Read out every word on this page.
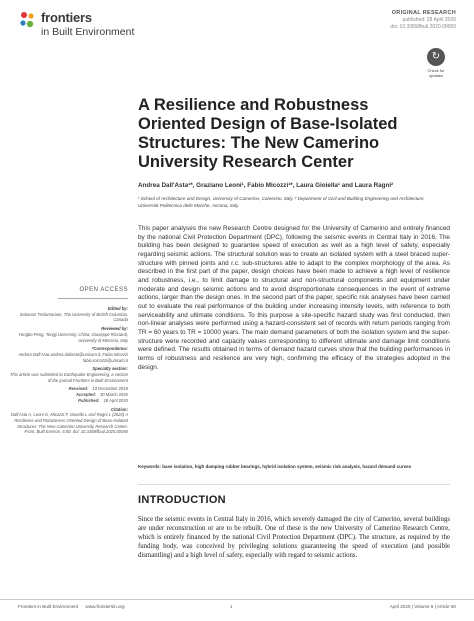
frontiers
in Built Environment
ORIGINAL RESEARCH
published: 28 April 2020
doi: 10.3389/fbuil.2020.00050
↻
Check for updates
A Resilience and Robustness Oriented Design of Base-Isolated Structures: The New Camerino University Research Center
Andrea Dall'Asta¹*, Graziano Leoni¹, Fabio Micozzi¹*, Laura Gioiella¹ and Laura Ragni²
¹ School of Architecture and Design, University of Camerino, Camerino, Italy, ² Department of Civil and Building Engineering and Architecture, Università Politecnica delle Marche, Ancona, Italy
This paper analyses the new Research Centre designed for the University of Camerino and entirely financed by the national Civil Protection Department (DPC), following the seismic events in Central Italy in 2016. The building has been designed to guarantee speed of execution as well as a high level of safety, especially regarding seismic actions. The structural solution was to create an isolated system with a steel braced super-structure with pinned joints and r.c. sub-structures able to adapt to the complex morphology of the area. As described in the first part of the paper, design choices have been made to achieve a high level of resilience and robustness, i.e., to limit damage to structural and non-structural components and equipment under moderate and design seismic actions and to avoid disproportionate consequences in the event of extreme actions, larger than the design ones. In the second part of the paper, specific risk analyses have been carried out to evaluate the real performance of the building under increasing intensity levels, with reference to both serviceability and ultimate conditions. To this purpose a site-specific hazard study was first conducted, then non-linear analyses were performed using a hazard-consistent set of records with return periods ranging from TR = 60 years to TR = 10000 years. The main demand parameters of both the isolation system and the super-structure were recorded and capacity values corresponding to different ultimate and damage limit conditions were defined. The results obtained in terms of demand hazard curves show that the building performances in terms of robustness and resilience are very high, confirming the efficacy of the strategies adopted in the design.
Keywords: base isolation, high damping rubber bearings, hybrid isolation system, seismic risk analysis, hazard demand curves
INTRODUCTION
Since the seismic events in Central Italy in 2016, which severely damaged the city of Camerino, several buildings are under reconstruction or are to be rebuilt. One of these is the new University of Camerino Research Centre, which is entirely financed by the national Civil Protection Department (DPC). The structure, as required by the funding body, was conceived by privileging solutions guaranteeing the speed of execution (and possible dismantling) and a high level of safety, especially with regard to seismic actions.
OPEN ACCESS
Edited by:
Solomon Tesfamariam, The University of British Columbia, Canada
Reviewed by:
Yongbo Peng, Tongji University, China; Giuseppe Ricciardi, University of Messina, Italy
*Correspondence:
Andrea Dall'Asta andrea.dallasta@unicam.it; Fabio Micozzi fabio.micozzi@unicam.it
Specialty section:
This article was submitted to Earthquake Engineering, a section of the journal Frontiers in Built Environment
Received: 13 December 2019
Accepted: 30 March 2020
Published: 28 April 2020
Citation:
Dall'Asta A, Leoni G, Micozzi F, Gioiella L and Ragni L (2020) A Resilience and Robustness Oriented Design of Base-Isolated Structures: The New Camerino University Research Center. Front. Built Environ. 6:50. doi: 10.3389/fbuil.2020.00050
Frontiers in Built Environment www.frontiersin.org	1	April 2020 | Volume 6 | Article 50
